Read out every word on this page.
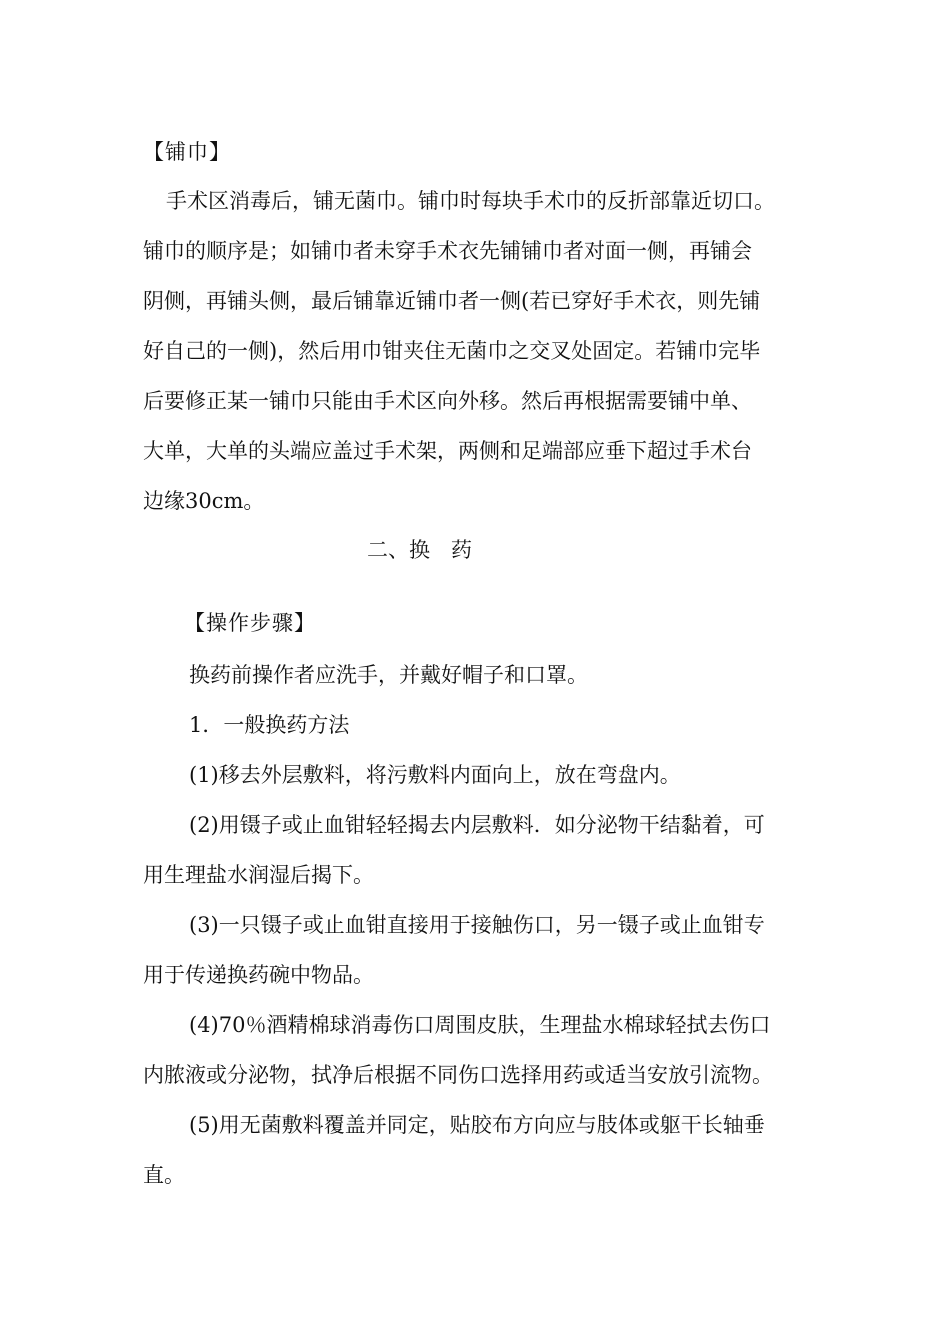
【铺巾】
手术区消毒后，铺无菌巾。铺巾时每块手术巾的反折部靠近切口。
铺巾的顺序是；如铺巾者未穿手术衣先铺铺巾者对面一侧，再铺会
阴侧，再铺头侧，最后铺靠近铺巾者一侧(若已穿好手术衣，则先铺
好自己的一侧)，然后用巾钳夹住无菌巾之交叉处固定。若铺巾完毕
后要修正某一铺巾只能由手术区向外移。然后再根据需要铺中单、
大单，大单的头端应盖过手术架，两侧和足端部应垂下超过手术台
边缘30cm。
二、换　药
【操作步骤】
换药前操作者应洗手，并戴好帽子和口罩。
1．一般换药方法
(1)移去外层敷料，将污敷料内面向上，放在弯盘内。
(2)用镊子或止血钳轻轻揭去内层敷料．如分泌物干结黏着，可
用生理盐水润湿后揭下。
(3)一只镊子或止血钳直接用于接触伤口，另一镊子或止血钳专
用于传递换药碗中物品。
(4)70％酒精棉球消毒伤口周围皮肤，生理盐水棉球轻拭去伤口
内脓液或分泌物，拭净后根据不同伤口选择用药或适当安放引流物。
(5)用无菌敷料覆盖并同定，贴胶布方向应与肢体或躯干长轴垂
直。
